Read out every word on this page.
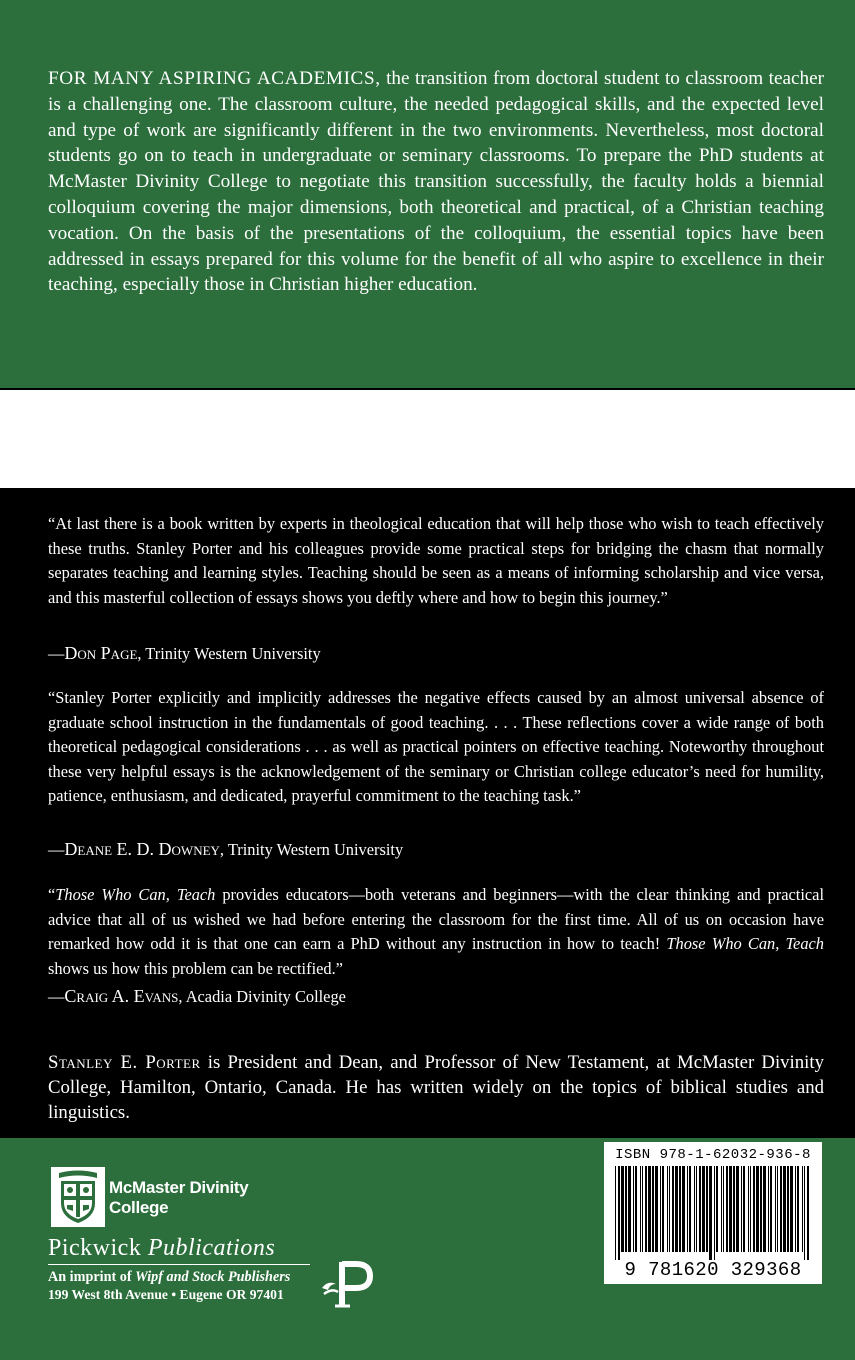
FOR MANY ASPIRING ACADEMICS, the transition from doctoral student to classroom teacher is a challenging one. The classroom culture, the needed pedagogical skills, and the expected level and type of work are significantly different in the two environments. Nevertheless, most doctoral students go on to teach in undergraduate or seminary classrooms. To prepare the PhD students at McMaster Divinity College to negotiate this transition successfully, the faculty holds a biennial colloquium covering the major dimensions, both theoretical and practical, of a Christian teaching vocation. On the basis of the presentations of the colloquium, the essential topics have been addressed in essays prepared for this volume for the benefit of all who aspire to excellence in their teaching, especially those in Christian higher education.

“At last there is a book written by experts in theological education that will help those who wish to teach effectively these truths. Stanley Porter and his colleagues provide some practical steps for bridging the chasm that normally separates teaching and learning styles. Teaching should be seen as a means of informing scholarship and vice versa, and this masterful collection of essays shows you deftly where and how to begin this journey.”

—Don Page, Trinity Western University

“Stanley Porter explicitly and implicitly addresses the negative effects caused by an almost universal absence of graduate school instruction in the fundamentals of good teaching. . . . These reflections cover a wide range of both theoretical pedagogical considerations . . . as well as practical pointers on effective teaching. Noteworthy throughout these very helpful essays is the acknowledgement of the seminary or Christian college educator’s need for humility, patience, enthusiasm, and dedicated, prayerful commitment to the teaching task.”

—Deane E. D. Downey, Trinity Western University

“Those Who Can, Teach provides educators—both veterans and beginners—with the clear thinking and practical advice that all of us wished we had before entering the classroom for the first time. All of us on occasion have remarked how odd it is that one can earn a PhD without any instruction in how to teach! Those Who Can, Teach shows us how this problem can be rectified.”

—Craig A. Evans, Acadia Divinity College

Stanley E. Porter is President and Dean, and Professor of New Testament, at McMaster Divinity College, Hamilton, Ontario, Canada. He has written widely on the topics of biblical studies and linguistics.

McMaster Divinity
College

Pickwick Publications

An imprint of Wipf and Stock Publishers

199 West 8th Avenue • Eugene OR 97401

ISBN 978-1-62032-936-8

9 781620 329368
